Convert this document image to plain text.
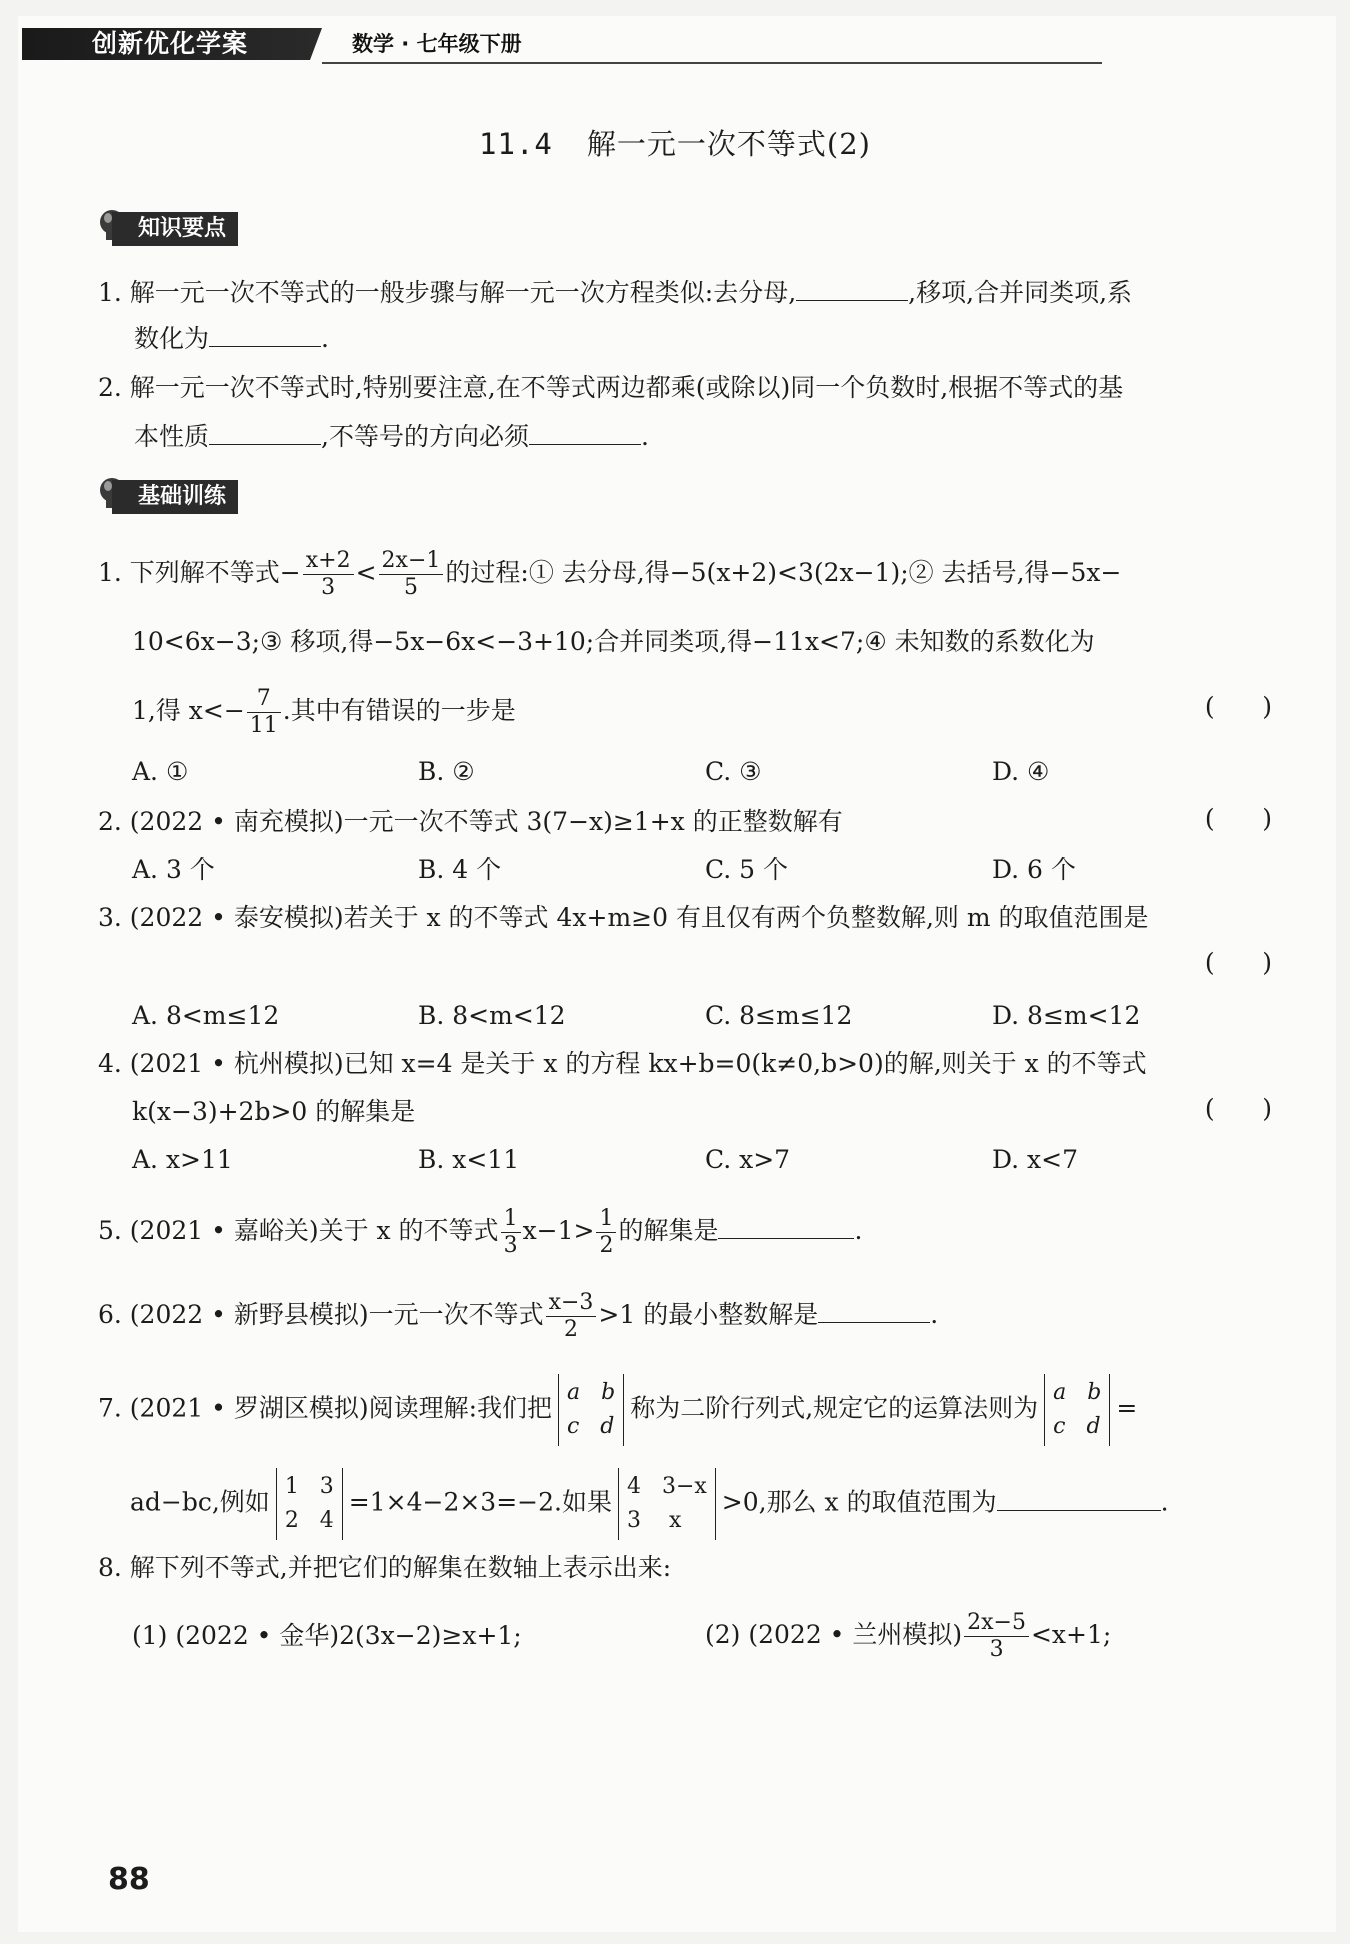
创新优化学案	数学 · 七年级下册
11.4 解一元一次不等式(2)
知识要点
1. 解一元一次不等式的一般步骤与解一元一次方程类似:去分母,	,移项,合并同类项,系
数化为	.
2. 解一元一次不等式时,特别要注意,在不等式两边都乘(或除以)同一个负数时,根据不等式的基
本性质	,不等号的方向必须	.
基础训练
1. 下列解不等式− $\frac{x+2}{3} < \frac{2x-1}{5}$ 的过程:① 去分母,得−5(x+2)<3(2x−1);② 去括号,得−5x−
10<6x−3;③ 移项,得−5x−6x<−3+10;合并同类项,得−11x<7;④ 未知数的系数化为
1,得 $x<- \frac{7}{11}$ .其中有错误的一步是	(      )
A. ①	B. ②	C. ③	D. ④
2. (2022 • 南充模拟)一元一次不等式 3(7−x)≥1+x 的正整数解有	(      )
A. 3 个	B. 4 个	C. 5 个	D. 6 个
3. (2022 • 泰安模拟)若关于 x 的不等式 4x+m≥0 有且仅有两个负整数解,则 m 的取值范围是
(      )
A. 8<m≤12	B. 8<m<12	C. 8≤m≤12	D. 8≤m<12
4. (2021 • 杭州模拟)已知 x=4 是关于 x 的方程 kx+b=0(k≠0,b>0)的解,则关于 x 的不等式
k(x−3)+2b>0 的解集是	(      )
A. x>11	B. x<11	C. x>7	D. x<7
5. (2021 • 嘉峪关)关于 x 的不等式 $\frac{1}{3} x-1> \frac{1}{2}$ 的解集是	.
6. (2022 • 新野县模拟)一元一次不等式 $\frac{x-3}{2} >1$ 的最小整数解是	.
7. (2021 • 罗湖区模拟)阅读理解:我们把
a   b
c   d
称为二阶行列式,规定它的运算法则为
a   b
c   d
=
ad−bc,例如
1   3
2   4
=1×4−2×3=−2.如果
4   3−x
3    x
>0,那么 x 的取值范围为	.
8. 解下列不等式,并把它们的解集在数轴上表示出来:
(1) (2022 • 金华)2(3x−2)≥x+1;	(2) (2022 • 兰州模拟) $\frac{2x-5}{3} <x+1$;
88
